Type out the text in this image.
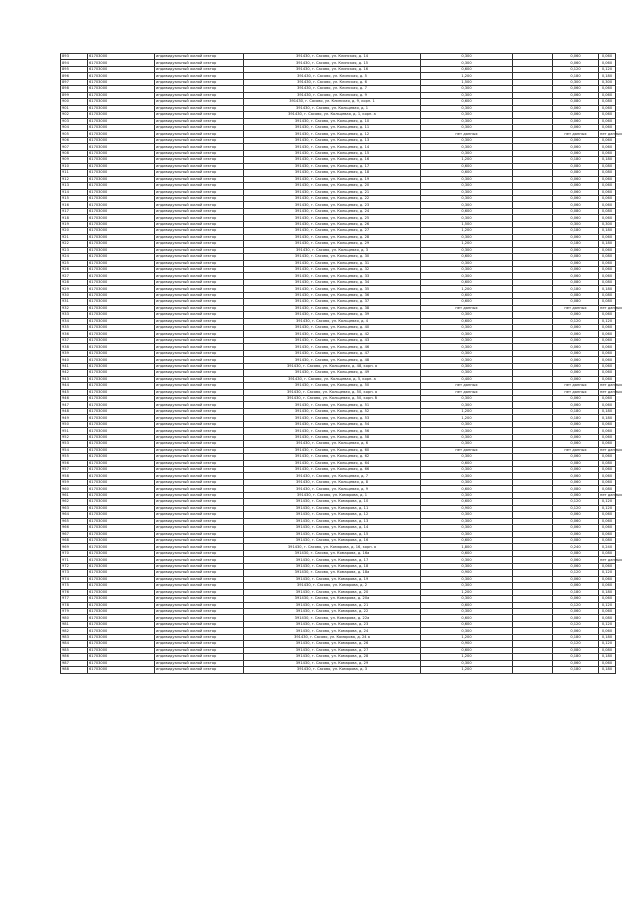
893	61703000	индивидуальный жилой сектор	391430, г. Сасово, ул. Клинская, д. 14	0,300		0,060	0,060
894	61703000	индивидуальный жилой сектор	391430, г. Сасово, ул. Клинская, д. 15	0,300		0,060	0,060
895	61703000	индивидуальный жилой сектор	391430, г. Сасово, ул. Клинская, д. 16	0,600		0,120	0,120
896	61703000	индивидуальный жилой сектор	391430, г. Сасово, ул. Клинская, д. 5	1,200		0,180	0,180
897	61703000	индивидуальный жилой сектор	391430, г. Сасово, ул. Клинская, д. 6	1,500		0,300	0,300
898	61703000	индивидуальный жилой сектор	391430, г. Сасово, ул. Клинская, д. 7	0,300		0,060	0,060
899	61703000	индивидуальный жилой сектор	391430, г. Сасово, ул. Клинская, д. 9	0,300		0,060	0,060
900	61703000	индивидуальный жилой сектор	391430, г. Сасово, ул. Клинская, д. 9, корп. 1	0,600		0,080	0,080
901	61703000	индивидуальный жилой сектор	391430, г. Сасово, ул. Кольцевая, д. 1	0,300		0,060	0,060
902	61703000	индивидуальный жилой сектор	391430, г. Сасово, ул. Кольцевая, д. 1, корп. а	0,300		0,060	0,060
903	61703000	индивидуальный жилой сектор	391430, г. Сасово, ул. Кольцевая, д. 10	0,300		0,060	0,060
904	61703000	индивидуальный жилой сектор	391430, г. Сасово, ул. Кольцевая, д. 11	0,300		0,060	0,060
905	61703000	индивидуальный жилой сектор	391430, г. Сасово, ул. Кольцевая, д. 12	нет данных		нет данных	нет данных
906	61703000	индивидуальный жилой сектор	391430, г. Сасово, ул. Кольцевая, д. 13	0,300		0,060	0,060
907	61703000	индивидуальный жилой сектор	391430, г. Сасово, ул. Кольцевая, д. 14	0,300		0,060	0,060
908	61703000	индивидуальный жилой сектор	391430, г. Сасово, ул. Кольцевая, д. 15	0,300		0,060	0,060
909	61703000	индивидуальный жилой сектор	391430, г. Сасово, ул. Кольцевая, д. 16	1,200		0,180	0,180
910	61703000	индивидуальный жилой сектор	391430, г. Сасово, ул. Кольцевая, д. 17	0,600		0,080	0,080
911	61703000	индивидуальный жилой сектор	391430, г. Сасово, ул. Кольцевая, д. 18	0,600		0,080	0,080
912	61703000	индивидуальный жилой сектор	391430, г. Сасово, ул. Кольцевая, д. 19	0,300		0,060	0,060
913	61703000	индивидуальный жилой сектор	391430, г. Сасово, ул. Кольцевая, д. 20	0,300		0,060	0,060
914	61703000	индивидуальный жилой сектор	391430, г. Сасово, ул. Кольцевая, д. 21	0,300		0,060	0,060
915	61703000	индивидуальный жилой сектор	391430, г. Сасово, ул. Кольцевая, д. 22	0,300		0,060	0,060
916	61703000	индивидуальный жилой сектор	391430, г. Сасово, ул. Кольцевая, д. 23	0,300		0,060	0,060
917	61703000	индивидуальный жилой сектор	391430, г. Сасово, ул. Кольцевая, д. 24	0,600		0,080	0,080
918	61703000	индивидуальный жилой сектор	391430, г. Сасово, ул. Кольцевая, д. 25	0,300		0,060	0,060
919	61703000	индивидуальный жилой сектор	391430, г. Сасово, ул. Кольцевая, д. 26	1,500		0,300	0,300
920	61703000	индивидуальный жилой сектор	391430, г. Сасово, ул. Кольцевая, д. 27	1,200		0,180	0,180
921	61703000	индивидуальный жилой сектор	391430, г. Сасово, ул. Кольцевая, д. 28	0,300		0,060	0,060
922	61703000	индивидуальный жилой сектор	391430, г. Сасово, ул. Кольцевая, д. 29	1,200		0,180	0,180
923	61703000	индивидуальный жилой сектор	391430, г. Сасово, ул. Кольцевая, д. 3	0,300		0,060	0,060
924	61703000	индивидуальный жилой сектор	391430, г. Сасово, ул. Кольцевая, д. 30	0,600		0,080	0,080
925	61703000	индивидуальный жилой сектор	391430, г. Сасово, ул. Кольцевая, д. 31	0,300		0,060	0,060
926	61703000	индивидуальный жилой сектор	391430, г. Сасово, ул. Кольцевая, д. 32	0,300		0,060	0,060
927	61703000	индивидуальный жилой сектор	391430, г. Сасово, ул. Кольцевая, д. 33	0,300		0,060	0,060
928	61703000	индивидуальный жилой сектор	391430, г. Сасово, ул. Кольцевая, д. 34	0,600		0,080	0,080
929	61703000	индивидуальный жилой сектор	391430, г. Сасово, ул. Кольцевая, д. 35	1,200		0,180	0,180
930	61703000	индивидуальный жилой сектор	391430, г. Сасово, ул. Кольцевая, д. 36	0,600		0,080	0,080
931	61703000	индивидуальный жилой сектор	391430, г. Сасово, ул. Кольцевая, д. 37	0,600		0,080	0,080
932	61703000	индивидуальный жилой сектор	391430, г. Сасово, ул. Кольцевая, д. 38	нет данных		нет данных	нет данных
933	61703000	индивидуальный жилой сектор	391430, г. Сасово, ул. Кольцевая, д. 39	0,300		0,060	0,060
934	61703000	индивидуальный жилой сектор	391430, г. Сасово, ул. Кольцевая, д. 4	0,600		0,120	0,120
935	61703000	индивидуальный жилой сектор	391430, г. Сасово, ул. Кольцевая, д. 40	0,300		0,060	0,060
936	61703000	индивидуальный жилой сектор	391430, г. Сасово, ул. Кольцевая, д. 42	0,300		0,060	0,060
937	61703000	индивидуальный жилой сектор	391430, г. Сасово, ул. Кольцевая, д. 43	0,300		0,060	0,060
938	61703000	индивидуальный жилой сектор	391430, г. Сасово, ул. Кольцевая, д. 46	0,300		0,060	0,060
939	61703000	индивидуальный жилой сектор	391430, г. Сасово, ул. Кольцевая, д. 47	0,300		0,060	0,060
940	61703000	индивидуальный жилой сектор	391430, г. Сасово, ул. Кольцевая, д. 48	0,300		0,060	0,060
941	61703000	индивидуальный жилой сектор	391430, г. Сасово, ул. Кольцевая, д. 48, корп. а	0,300		0,060	0,060
942	61703000	индивидуальный жилой сектор	391430, г. Сасово, ул. Кольцевая, д. 49	0,300		0,060	0,060
943	61703000	индивидуальный жилой сектор	391430, г. Сасово, ул. Кольцевая, д. 5, корп. а	0,400		0,060	0,060
944	61703000	индивидуальный жилой сектор	391430, г. Сасово, ул. Кольцевая, д. 50	нет данных		нет данных	нет данных
945	61703000	индивидуальный жилой сектор	391430, г. Сасово, ул. Кольцевая, д. 50, корп. а	нет данных		нет данных	нет данных
946	61703000	индивидуальный жилой сектор	391430, г. Сасово, ул. Кольцевая, д. 50, корп. б	0,300		0,060	0,060
947	61703000	индивидуальный жилой сектор	391430, г. Сасово, ул. Кольцевая, д. 51	0,300		0,060	0,060
948	61703000	индивидуальный жилой сектор	391430, г. Сасово, ул. Кольцевая, д. 52	1,200		0,180	0,180
949	61703000	индивидуальный жилой сектор	391430, г. Сасово, ул. Кольцевая, д. 53	1,200		0,180	0,180
950	61703000	индивидуальный жилой сектор	391430, г. Сасово, ул. Кольцевая, д. 54	0,300		0,060	0,060
951	61703000	индивидуальный жилой сектор	391430, г. Сасово, ул. Кольцевая, д. 56	0,300		0,060	0,060
952	61703000	индивидуальный жилой сектор	391430, г. Сасово, ул. Кольцевая, д. 58	0,300		0,060	0,060
953	61703000	индивидуальный жилой сектор	391430, г. Сасово, ул. Кольцевая, д. 6	0,300		0,060	0,060
954	61703000	индивидуальный жилой сектор	391430, г. Сасово, ул. Кольцевая, д. 60	нет данных		нет данных	нет данных
955	61703000	индивидуальный жилой сектор	391430, г. Сасово, ул. Кольцевая, д. 62	0,300		0,060	0,060
956	61703000	индивидуальный жилой сектор	391430, г. Сасово, ул. Кольцевая, д. 64	0,600		0,080	0,080
957	61703000	индивидуальный жилой сектор	391430, г. Сасово, ул. Кольцевая, д. 66	0,300		0,060	0,060
958	61703000	индивидуальный жилой сектор	391430, г. Сасово, ул. Кольцевая, д. 7	0,300		0,060	0,060
959	61703000	индивидуальный жилой сектор	391430, г. Сасово, ул. Кольцевая, д. 8	0,300		0,060	0,060
960	61703000	индивидуальный жилой сектор	391430, г. Сасово, ул. Кольцевая, д. 9	0,600		0,080	0,080
961	61703000	индивидуальный жилой сектор	391430, г. Сасово, ул. Комарова, д. 1	0,300		0,060	нет данных
962	61703000	индивидуальный жилой сектор	391430, г. Сасово, ул. Комарова, д. 10	0,600		0,120	0,120
963	61703000	индивидуальный жилой сектор	391430, г. Сасово, ул. Комарова, д. 11	0,900		0,120	0,120
964	61703000	индивидуальный жилой сектор	391430, г. Сасово, ул. Комарова, д. 12	0,300		0,060	0,060
965	61703000	индивидуальный жилой сектор	391430, г. Сасово, ул. Комарова, д. 13	0,300		0,060	0,060
966	61703000	индивидуальный жилой сектор	391430, г. Сасово, ул. Комарова, д. 14	0,300		0,060	0,060
967	61703000	индивидуальный жилой сектор	391430, г. Сасово, ул. Комарова, д. 15	0,300		0,060	0,060
968	61703000	индивидуальный жилой сектор	391430, г. Сасово, ул. Комарова, д. 16	0,600		0,080	0,080
969	61703000	индивидуальный жилой сектор	391430, г. Сасово, ул. Комарова, д. 16, корп. а	1,800		0,240	0,240
970	61703000	индивидуальный жилой сектор	391430, г. Сасово, ул. Комарова, д. 16а	0,600		0,080	0,080
971	61703000	индивидуальный жилой сектор	391430, г. Сасово, ул. Комарова, д. 17	0,300		0,060	нет данных
972	61703000	индивидуальный жилой сектор	391430, г. Сасово, ул. Комарова, д. 18	0,300		0,060	0,060
973	61703000	индивидуальный жилой сектор	391430, г. Сасово, ул. Комарова, д. 18а	0,900		0,120	0,120
974	61703000	индивидуальный жилой сектор	391430, г. Сасово, ул. Комарова, д. 19	0,300		0,060	0,060
975	61703000	индивидуальный жилой сектор	391430, г. Сасово, ул. Комарова, д. 2	0,300		0,060	0,060
976	61703000	индивидуальный жилой сектор	391430, г. Сасово, ул. Комарова, д. 20	1,200		0,180	0,180
977	61703000	индивидуальный жилой сектор	391430, г. Сасово, ул. Комарова, д. 20а	0,300		0,060	0,060
978	61703000	индивидуальный жилой сектор	391430, г. Сасово, ул. Комарова, д. 21	0,600		0,120	0,120
979	61703000	индивидуальный жилой сектор	391430, г. Сасово, ул. Комарова, д. 22	0,300		0,060	0,060
980	61703000	индивидуальный жилой сектор	391430, г. Сасово, ул. Комарова, д. 22а	0,600		0,080	0,080
981	61703000	индивидуальный жилой сектор	391430, г. Сасово, ул. Комарова, д. 23	0,600		0,120	0,120
982	61703000	индивидуальный жилой сектор	391430, г. Сасово, ул. Комарова, д. 24	0,300		0,060	0,060
983	61703000	индивидуальный жилой сектор	391430, г. Сасово, ул. Комарова, д. 24 а	1,200		0,180	0,180
984	61703000	индивидуальный жилой сектор	391430, г. Сасово, ул. Комарова, д. 26	0,900		0,120	0,120
985	61703000	индивидуальный жилой сектор	391430, г. Сасово, ул. Комарова, д. 27	0,600		0,080	0,080
986	61703000	индивидуальный жилой сектор	391430, г. Сасово, ул. Комарова, д. 28	1,200		0,180	0,180
987	61703000	индивидуальный жилой сектор	391430, г. Сасово, ул. Комарова, д. 29	0,300		0,060	0,060
988	61703000	индивидуальный жилой сектор	391430, г. Сасово, ул. Комарова, д. 3	1,200		0,180	0,180
